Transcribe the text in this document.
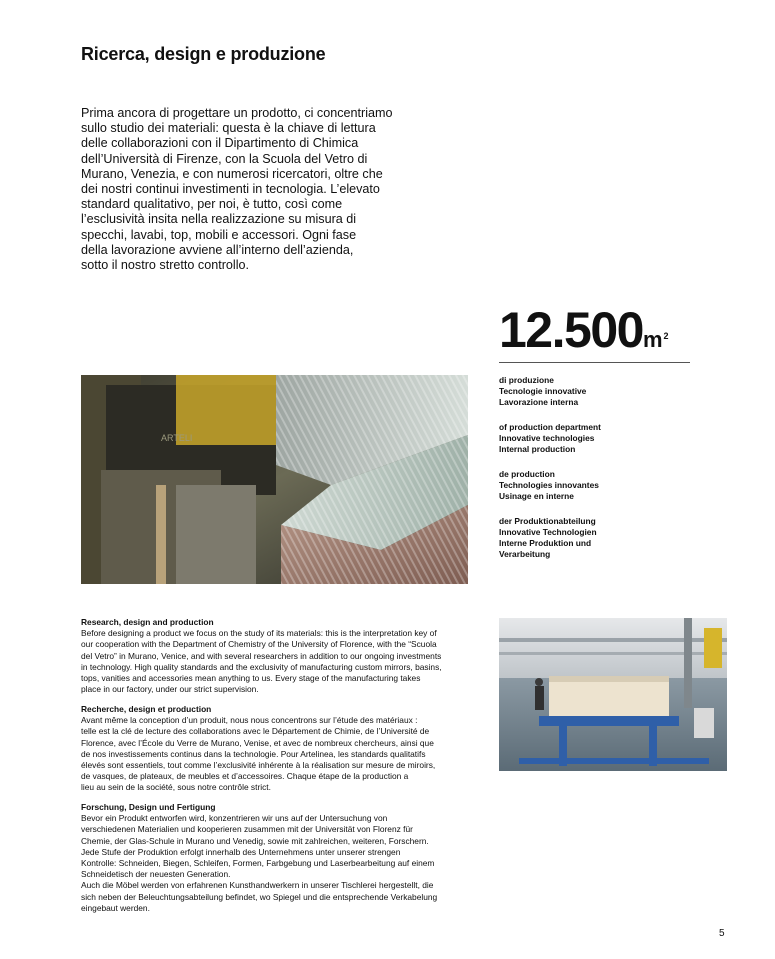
Ricerca, design e produzione
Prima ancora di progettare un prodotto, ci concentriamo
sullo studio dei materiali: questa è la chiave di lettura
delle collaborazioni con il Dipartimento di Chimica
dell’Università di Firenze, con la Scuola del Vetro di
Murano, Venezia, e con numerosi ricercatori, oltre che
dei nostri continui investimenti in tecnologia. L’elevato
standard qualitativo, per noi, è tutto, così come
l’esclusività insita nella realizzazione su misura di
specchi, lavabi, top, mobili e accessori. Ogni fase
della lavorazione avviene all’interno dell’azienda,
sotto il nostro stretto controllo.
$12.500m^2$
di produzione
Tecnologie innovative
Lavorazione interna
of production department
Innovative technologies
Internal production
de production
Technologies innovantes
Usinage en interne
der Produktionabteilung
Innovative Technologien
Interne Produktion und
Verarbeitung
ARTELI
Research, design and production
Before designing a product we focus on the study of its materials: this is the interpretation key of
our cooperation with the Department of Chemistry of the University of Florence, with the “Scuola
del Vetro” in Murano, Venice, and with several researchers in addition to our ongoing investments
in technology. High quality standards and the exclusivity of manufacturing custom mirrors, basins,
tops, vanities and accessories mean anything to us. Every stage of the manufacturing takes
place in our factory, under our strict supervision.
Recherche, design et production
Avant même la conception d’un produit, nous nous concentrons sur l’étude des matériaux :
telle est la clé de lecture des collaborations avec le Département de Chimie, de l’Université de
Florence, avec l’École du Verre de Murano, Venise, et avec de nombreux chercheurs, ainsi que
de nos investissements continus dans la technologie. Pour Artelinea, les standards qualitatifs
élevés sont essentiels, tout comme l’exclusivité inhérente à la réalisation sur mesure de miroirs,
de vasques, de plateaux, de meubles et d’accessoires. Chaque étape de la production a
lieu au sein de la société, sous notre contrôle strict.
Forschung, Design und Fertigung
Bevor ein Produkt entworfen wird, konzentrieren wir uns auf der Untersuchung von
verschiedenen Materialien und kooperieren zusammen mit der Universität von Florenz für
Chemie, der Glas-Schule in Murano und Venedig, sowie mit zahlreichen, weiteren, Forschern.
Jede Stufe der Produktion erfolgt innerhalb des Unternehmens unter unserer strengen
Kontrolle: Schneiden, Biegen, Schleifen, Formen, Farbgebung und Laserbearbeitung auf einem
Schneidetisch der neuesten Generation.
Auch die Möbel werden von erfahrenen Kunsthandwerkern in unserer Tischlerei hergestellt, die
sich neben der Beleuchtungsabteilung befindet, wo Spiegel und die entsprechende Verkabelung
eingebaut werden.
5
